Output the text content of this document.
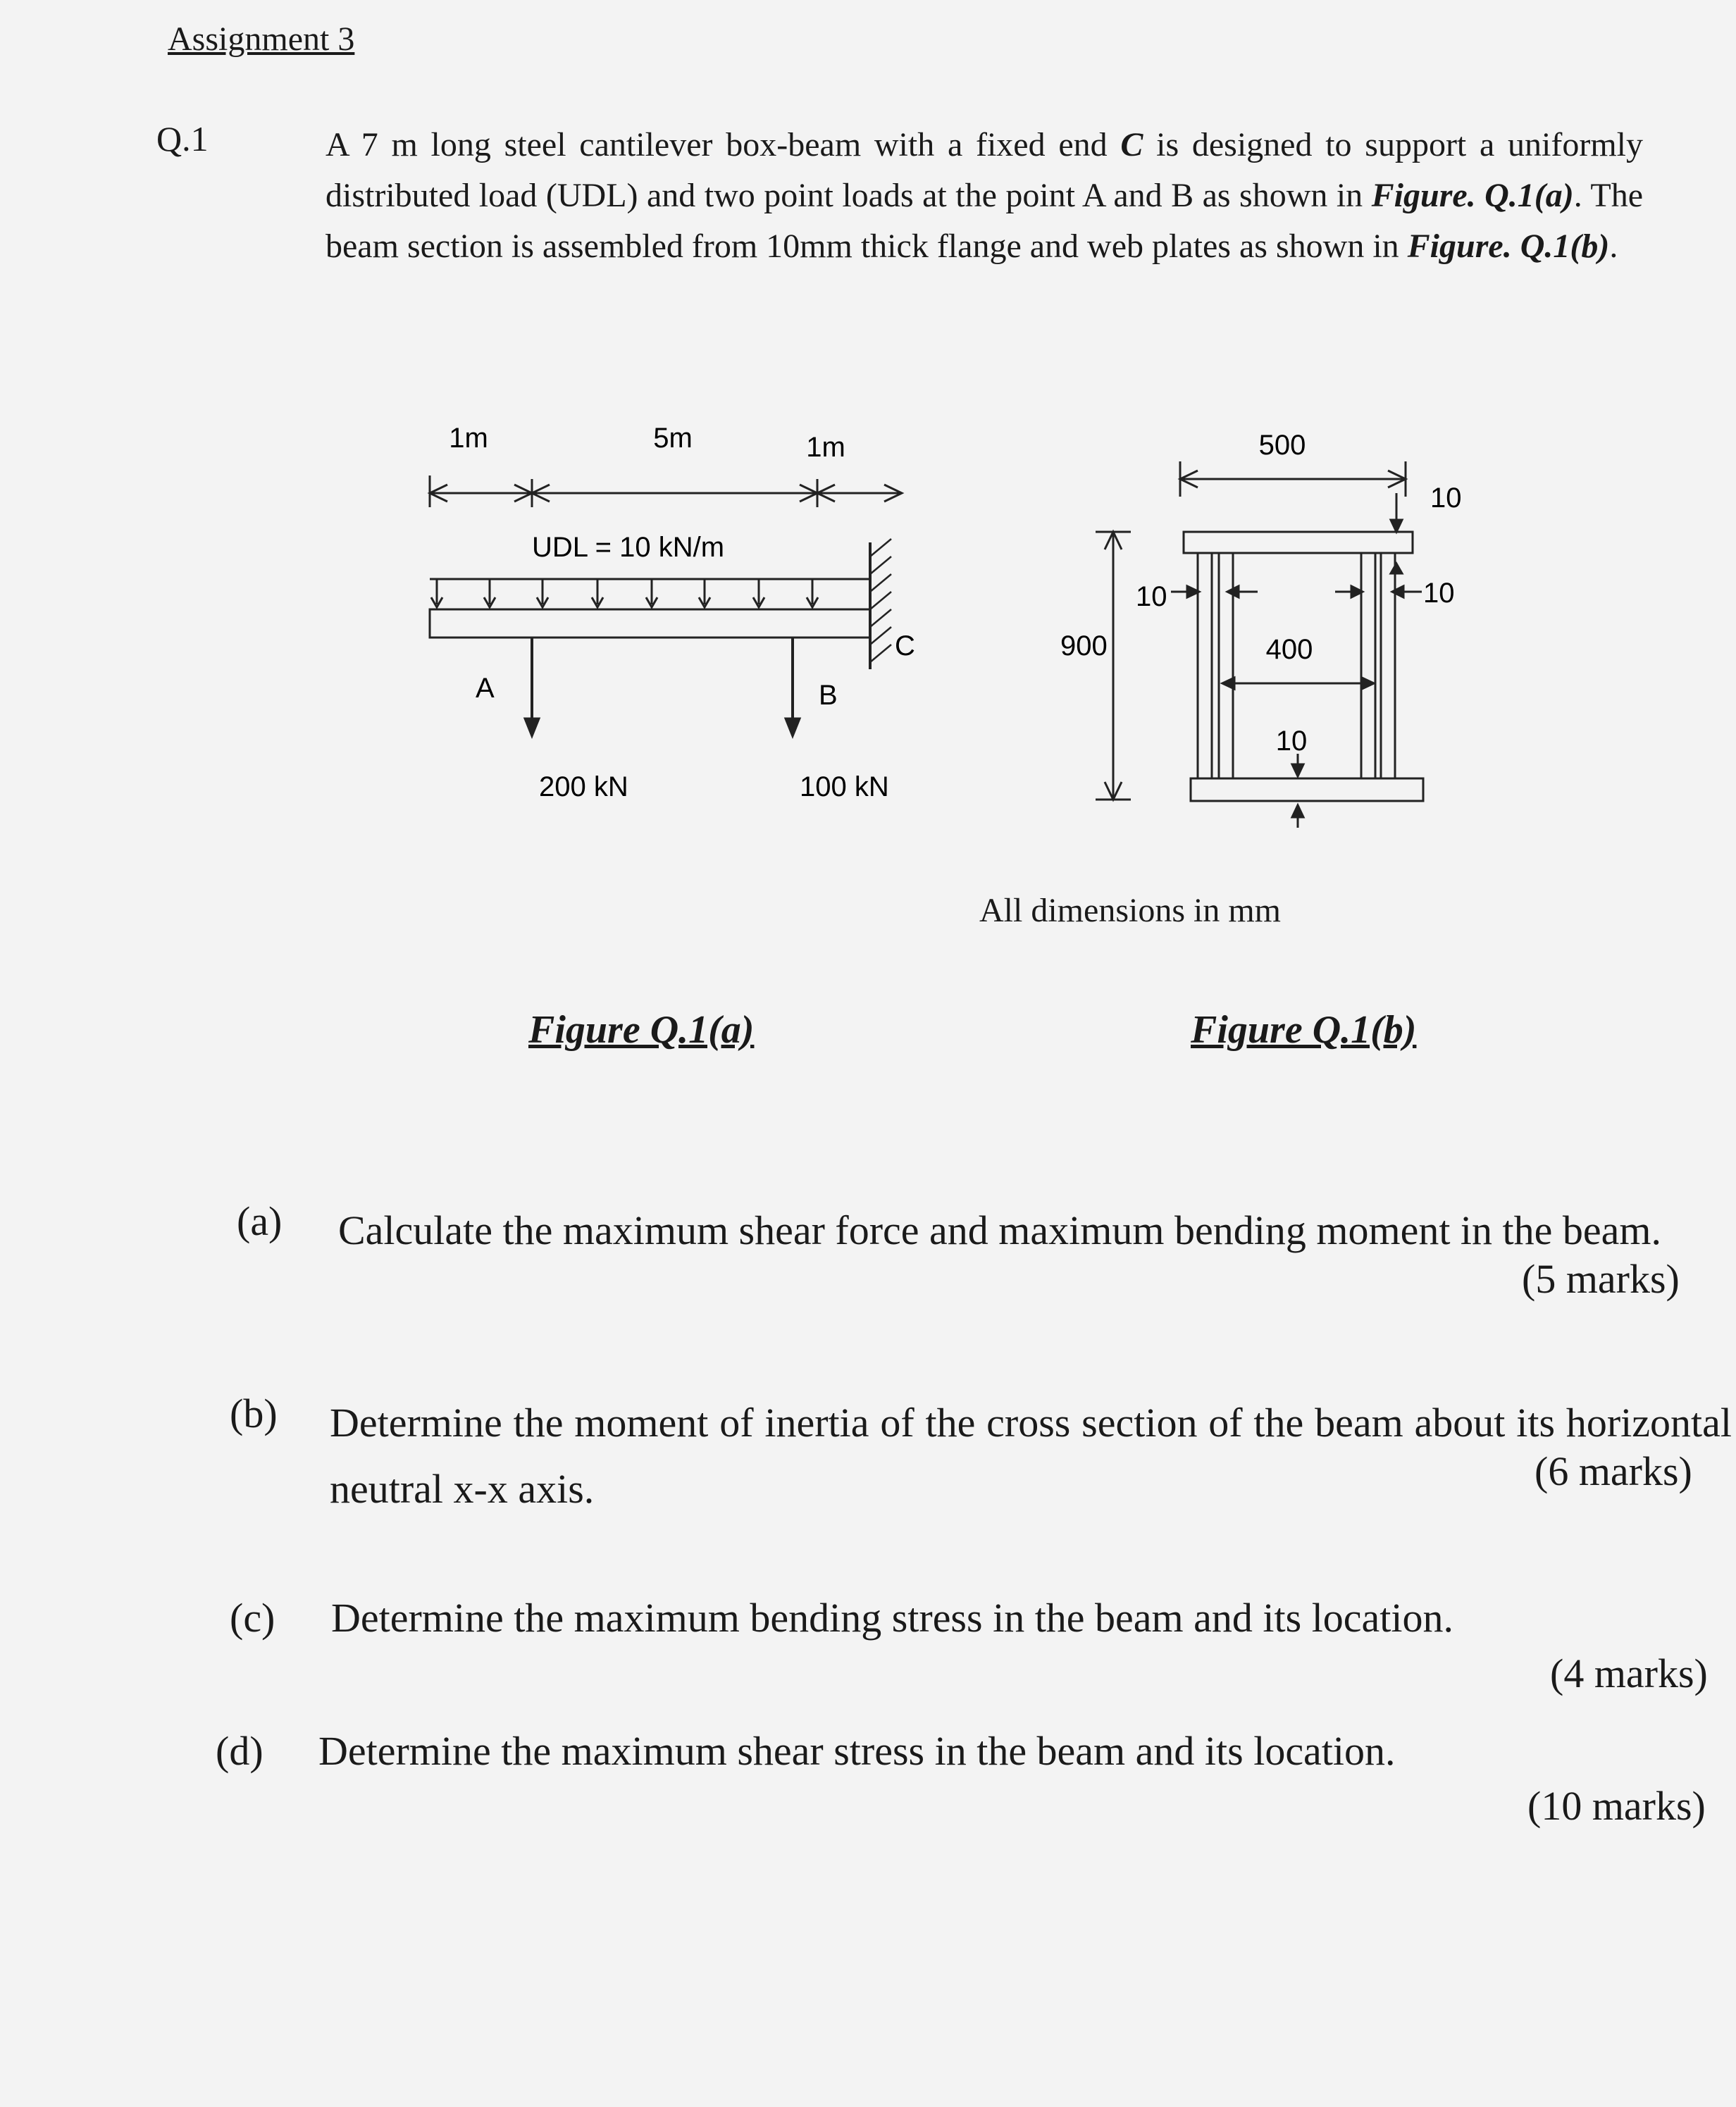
Assignment 3
Q.1	A 7 m long steel cantilever box-beam with a fixed end C is designed to support a uniformly distributed load (UDL) and two point loads at the point A and B as shown in Figure. Q.1(a). The beam section is assembled from 10mm thick flange and web plates as shown in Figure. Q.1(b).
1m	5m	1m
UDL = 10 kN/m
C
A	B
200 kN	100 kN
Figure Q.1(a)
500
10
10	10
900	400
10
All dimensions in mm
Figure Q.1(b)
(a) Calculate the maximum shear force and maximum bending moment in the beam.
(5 marks)
(b) Determine the moment of inertia of the cross section of the beam about its horizontal neutral x-x axis.	(6 marks)
(c) Determine the maximum bending stress in the beam and its location.
(4 marks)
(d) Determine the maximum shear stress in the beam and its location.
(10 marks)
